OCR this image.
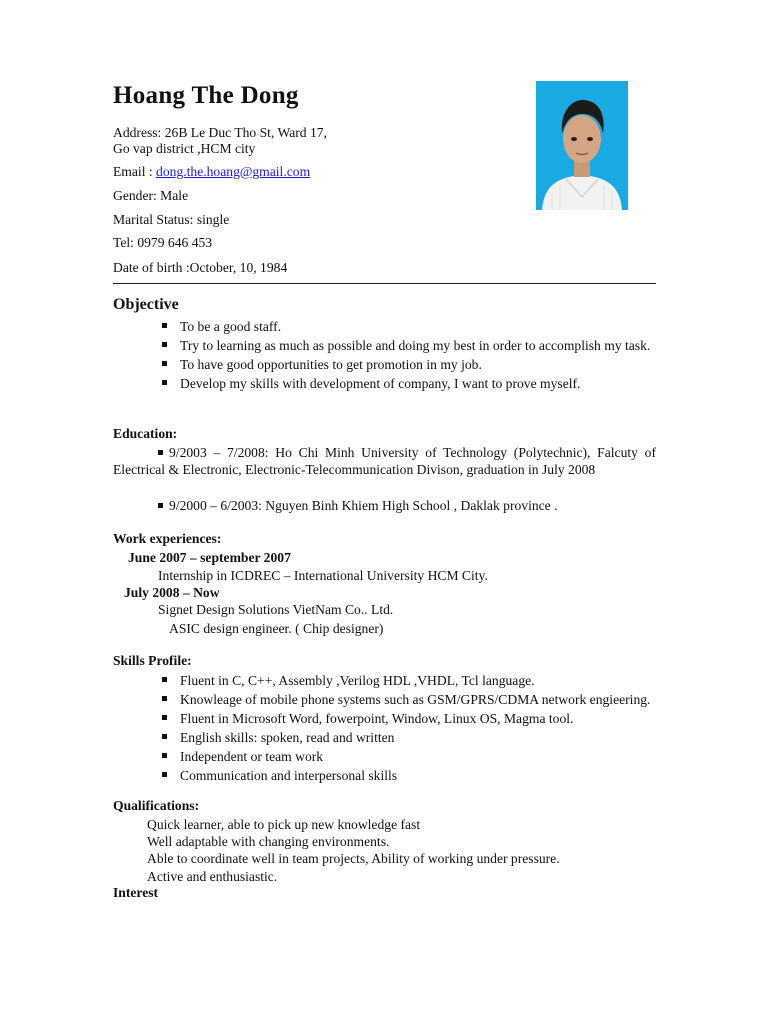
Hoang The Dong
Address: 26B Le Duc Tho St, Ward 17,
Go vap district ,HCM city
Email : dong.the.hoang@gmail.com
Gender: Male
Marital Status: single
Tel: 0979 646 453
Date of birth :October, 10, 1984
Objective
To be a good staff.
Try to learning as much as possible and doing my best in order to accomplish my task.
To have good opportunities to get promotion in my job.
Develop my skills with development of company, I want to prove myself.
Education:
9/2003 – 7/2008: Ho Chi Minh University of Technology (Polytechnic), Falcuty of Electrical & Electronic, Electronic-Telecommunication Divison, graduation in July 2008
9/2000 – 6/2003: Nguyen Binh Khiem High School , Daklak province .
Work experiences:
June 2007 – september 2007
Internship in ICDREC – International University HCM City.
July 2008 – Now
Signet Design Solutions VietNam Co.. Ltd.
ASIC design engineer. ( Chip designer)
Skills Profile:
Fluent in C, C++, Assembly ,Verilog HDL ,VHDL, Tcl language.
Knowleage of mobile phone systems such as GSM/GPRS/CDMA network engieering.
Fluent in Microsoft Word, fowerpoint, Window, Linux OS, Magma tool.
English skills: spoken, read and written
Independent or team work
Communication and interpersonal skills
Qualifications:
Quick learner, able to pick up new knowledge fast
Well adaptable with changing environments.
Able to coordinate well in team projects, Ability of working under pressure.
Active and enthusiastic.
Interest
